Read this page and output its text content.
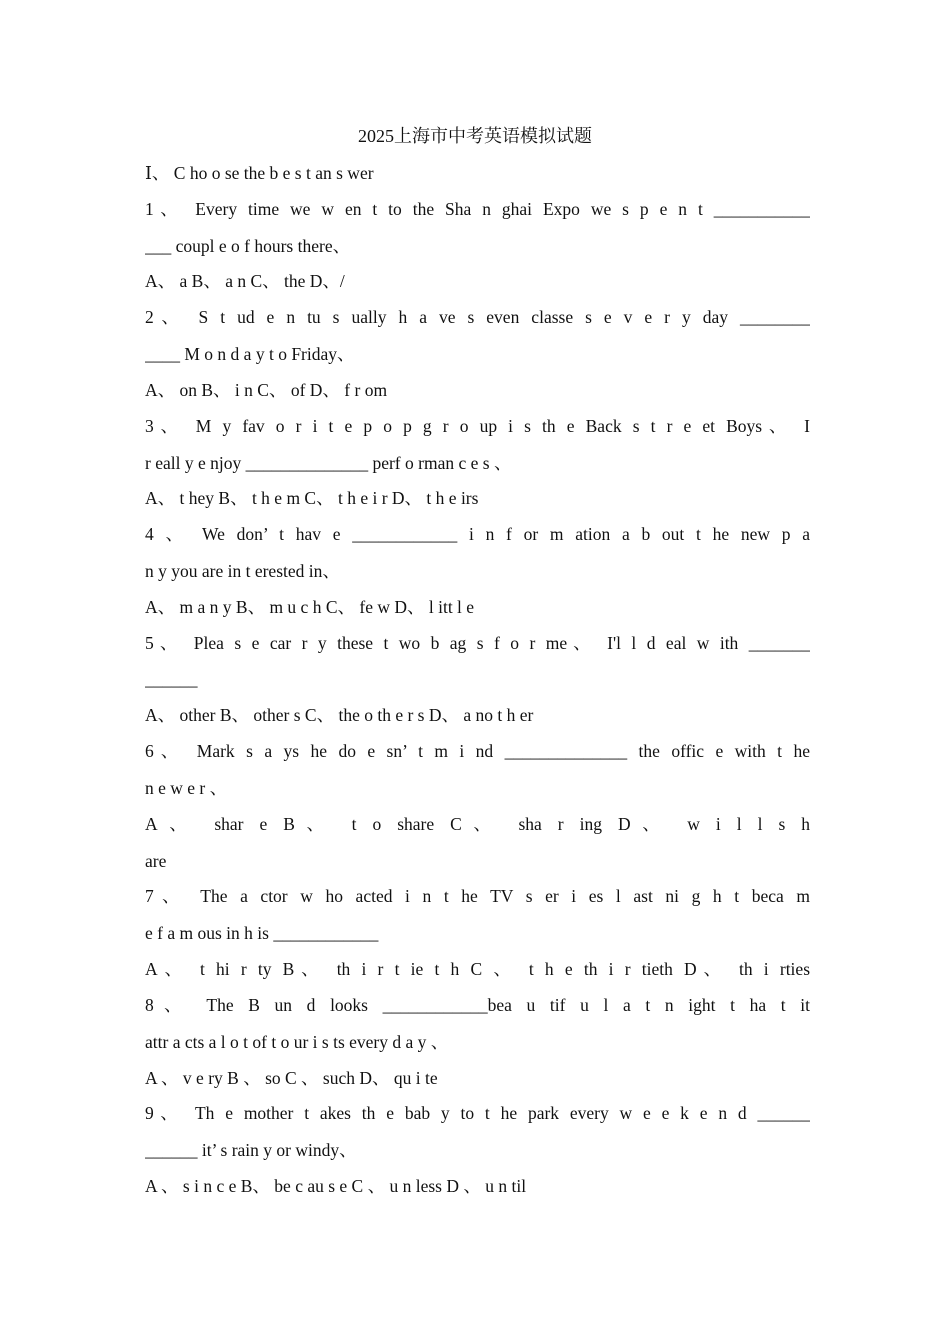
2025上海市中考英语模拟试题
Ⅰ、 C ho o se the b e s t an s wer
1、 Every time we w en t to the Sha n ghai Expo we s p e n t ___________
___ coupl e o f hours there、
A、 a B、 a n C、 the D、/
2、 S t ud e n tu s ually h a ve s even classe s e v e r y day ________
____ M o n d a y t o Friday、
A、 on B、 i n C、 of D、 f r om
3、 M y fav o r i t e p o p g r o up i s th e Back s t r e et Boys、 I
r eall y e njoy ______________ perf o rman c e s 、
A、 t hey B、 t h e m C、 t h e i r D、 t h e irs
4 、 We don’ t hav e ____________ i n f or m ation a b out t he new p a
n y you are in t erested in、
A、 m a n y B、 m u c h C、 fe w D、 l itt l e
5、 Plea s e car r y these t wo b ag s f o r me、 I'l l d eal w ith _______
______
A、 other B、 other s C、 the o th e r s D、 a no t h er
6、 Mark s a ys he do e sn’ t m i nd ______________ the offic e with t he
n e w e r 、
A、 shar e B、 t o share C、 sha r ing D、 w i l l s h
are
7、 The a ctor w ho acted i n t he TV s er i es l ast ni g h t beca m
e f a m ous in h is ____________
A、 t hi r ty B、 th i r t ie t h C 、 t h e th i r tieth D、 th i rties
8、 The B un d looks ____________bea u tif u l a t n ight t ha t it
attr a cts a l o t of t o ur i s ts every d a y 、
A 、 v e ry B 、 so C 、 such D、 qu i te
9、 Th e mother t akes th e bab y to t he park every w e e k e n d ______
______ it’ s rain y or windy、
A 、 s i n c e B、 be c au s e C 、 u n less D 、 u n til
